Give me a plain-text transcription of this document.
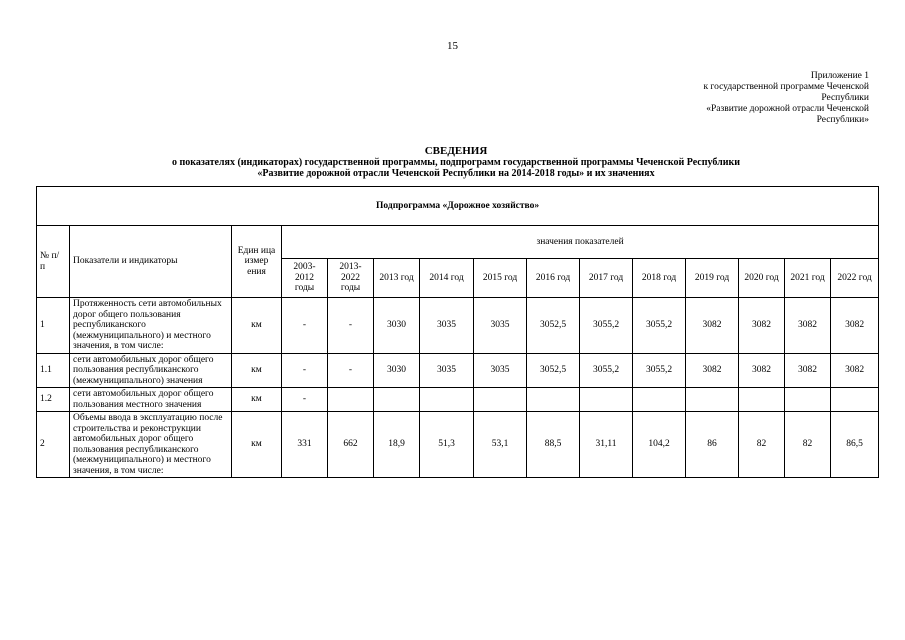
15
Приложение 1
к государственной программе Чеченской
Республики
«Развитие дорожной отрасли Чеченской
Республики»
СВЕДЕНИЯ
о показателях (индикаторах) государственной программы, подпрограмм государственной программы Чеченской Республики
«Развитие дорожной отрасли Чеченской Республики на 2014-2018 годы» и их значениях
Подпрограмма «Дорожное хозяйство»														
№ п/ п	Показатели и индикаторы	Един ица измер ения	значения показателей											
			2003-2012 годы	2013-2022 годы	2013 год	2014 год	2015 год	2016 год	2017 год	2018 год	2019 год	2020 год	2021 год	2022 год
1	Протяженность сети автомобильных дорог общего пользования республиканского (межмуниципального) и местного значения, в том числе:	км	-	-	3030	3035	3035	3052,5	3055,2	3055,2	3082	3082	3082	3082
1.1	сети автомобильных дорог общего пользования республиканского (межмуниципального) значения	км	-	-	3030	3035	3035	3052,5	3055,2	3055,2	3082	3082	3082	3082
1.2	сети автомобильных дорог общего пользования местного значения	км	-											
2	Объемы ввода в эксплуатацию после строительства и реконструкции автомобильных дорог общего пользования республиканского (межмуниципального) и местного значения, в том числе:	км	331	662	18,9	51,3	53,1	88,5	31,11	104,2	86	82	82	86,5
